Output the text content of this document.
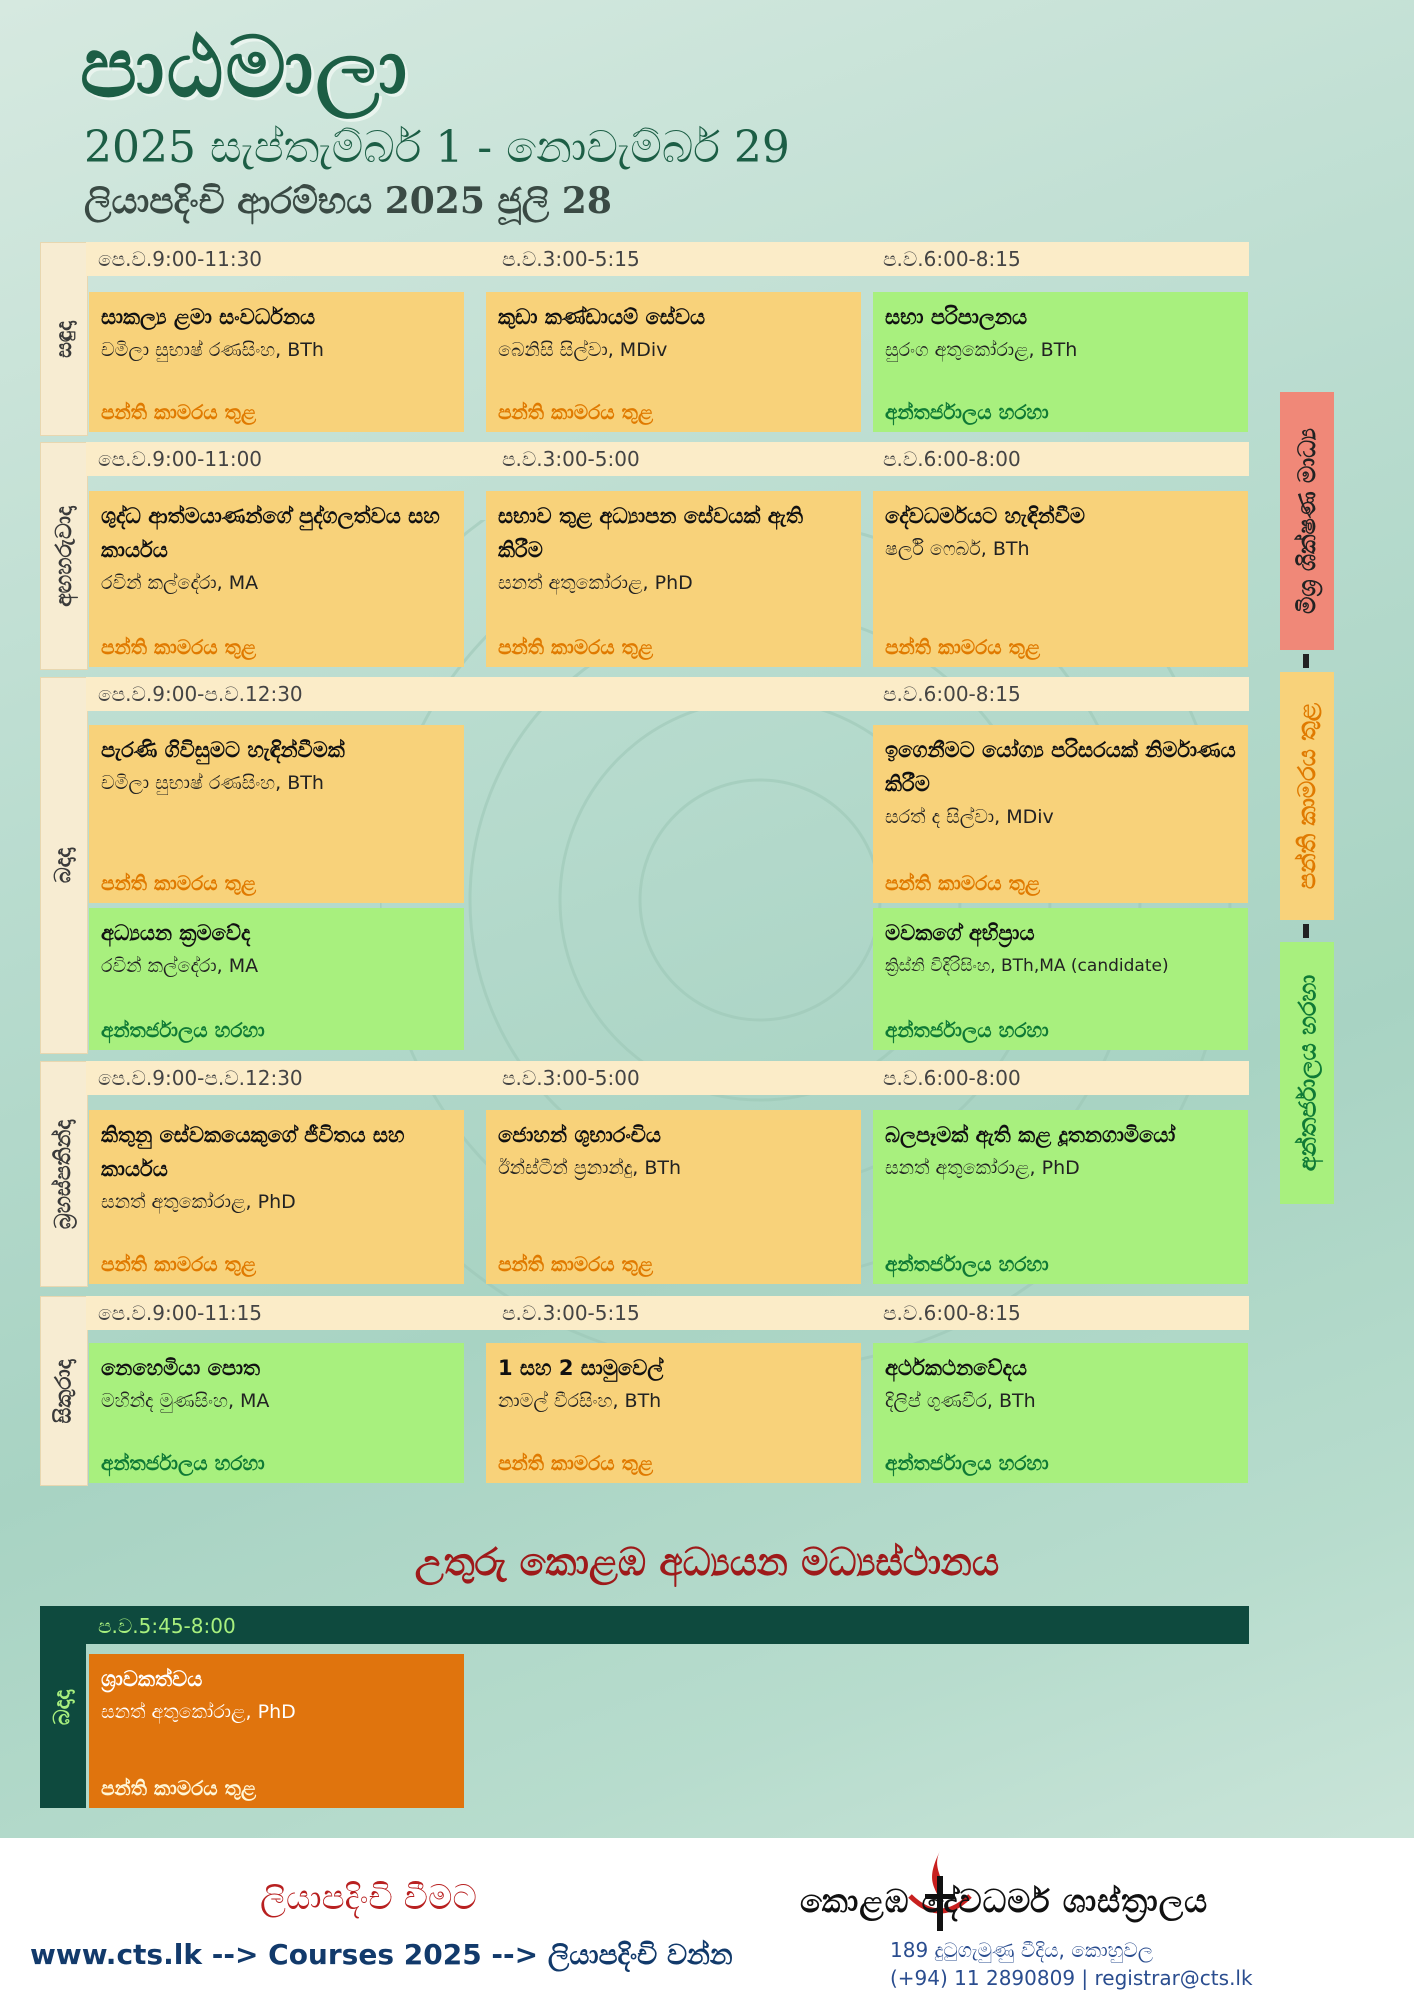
පාඨමාලා
2025 සැප්තැම්බර් 1 - නොවැම්බර් 29
ලියාපදිංචි ආරම්භය 2025 ජූලි 28
සඳුදා
පෙ.ව.9:00-11:30	ප.ව.3:00-5:15	ප.ව.6:00-8:15
සාකල්‍ය ළමා සංවර්ධනය
චමිලා සුභාෂ් රණසිංහ, BTh
පන්ති කාමරය තුළ
කුඩා කණ්ඩායම් සේවය
බෙනිසි සිල්වා, MDiv
පන්ති කාමරය තුළ
සභා පරිපාලනය
සුරංග අතුකෝරාළ, BTh
අන්තර්ජාලය හරහා
අඟහරුවාදා
පෙ.ව.9:00-11:00	ප.ව.3:00-5:00	ප.ව.6:00-8:00
ශුද්ධ ආත්මයාණන්ගේ පුද්ගලත්වය සහ කාර්යය
රවින් කල්දේරා, MA
පන්ති කාමරය තුළ
සභාව තුළ අධ්‍යාපන සේවයක් ඇති කිරීම
සනත් අතුකෝරාළ, PhD
පන්ති කාමරය තුළ
දේවධර්මයට හැඳින්වීම
ෂර්ලි ෆෙබර්, BTh
පන්ති කාමරය තුළ
බදාදා
පෙ.ව.9:00-ප.ව.12:30	ප.ව.6:00-8:15
පැරණි ගිවිසුමට හැඳින්වීමක්
චමිලා සුභාෂ් රණසිංහ, BTh
පන්ති කාමරය තුළ
ඉගෙනීමට යෝග්‍ය පරිසරයක් නිර්මාණය කිරීම
සරත් ද සිල්වා, MDiv
පන්ති කාමරය තුළ
අධ්‍යයන ක්‍රමවේද
රවින් කල්දේරා, MA
අන්තර්ජාලය හරහා
මවකගේ අභිප්‍රාය
ක්‍රිස්නි විදිරිසිංහ, BTh,MA (candidate)
අන්තර්ජාලය හරහා
බ්‍රහස්පතින්දා
පෙ.ව.9:00-ප.ව.12:30	ප.ව.3:00-5:00	ප.ව.6:00-8:00
කිතුනු සේවකයෙකුගේ ජීවිතය සහ කාර්යය
සනත් අතුකෝරාළ, PhD
පන්ති කාමරය තුළ
ජොහන් ශුභාරංචිය
ඊන්ස්ටීන් ප්‍රනාන්දු, BTh
පන්ති කාමරය තුළ
බලපෑමක් ඇති කළ දූතනගාමියෝ
සනත් අතුකෝරාළ, PhD
අන්තර්ජාලය හරහා
සිකුරාදා
පෙ.ව.9:00-11:15	ප.ව.3:00-5:15	ප.ව.6:00-8:15
නෙහෙමියා පොත
මහින්ද මුණසිංහ, MA
අන්තර්ජාලය හරහා
1 සහ 2 සාමුවෙල්
නාමල් වීරසිංහ, BTh
පන්ති කාමරය තුළ
අර්ථකථනවේදය
දිලිප් ගුණවීර, BTh
අන්තර්ජාලය හරහා
මිශ්‍ර ශික්ෂණ මාධ්‍ය
පන්ති කාමරය තුළ
අන්තර්ජාලය හරහා
උතුරු කොළඹ අධ්‍යයන මධ්‍යස්ථානය
බදාදා
ප.ව.5:45-8:00
ශ්‍රාවකත්වය
සනත් අතුකෝරාළ, PhD
පන්ති කාමරය තුළ
ලියාපදිංචි වීමට
www.cts.lk --> Courses 2025 --> ලියාපදිංචි වන්න
කොළඹ දේවධර්ම ශාස්ත්‍රාලය
189 දුටුගැමුණු වීදිය, කොහුවල
(+94) 11 2890809 | registrar@cts.lk
